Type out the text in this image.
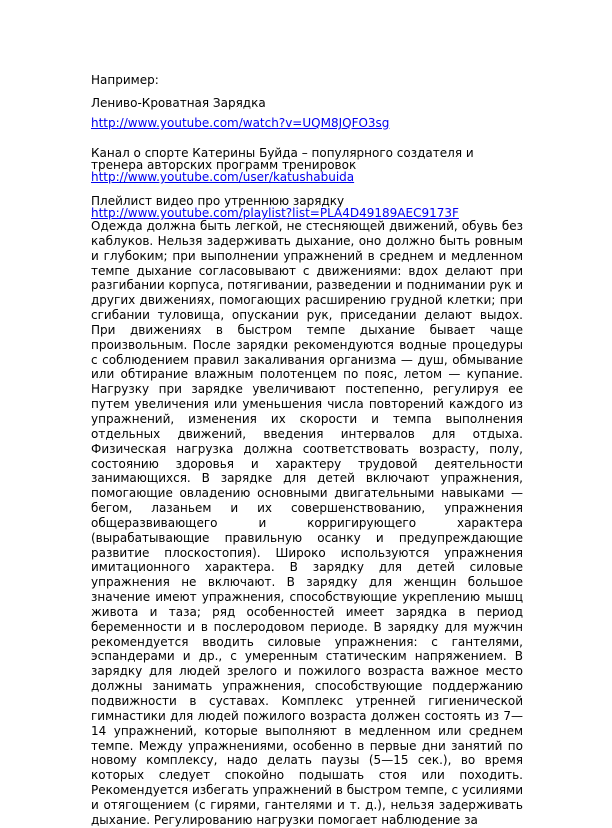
Например:
Лениво-Кроватная Зарядка
http://www.youtube.com/watch?v=UQM8JQFO3sg
Канал о спорте Катерины Буйда – популярного создателя и
тренера авторских программ тренировок
http://www.youtube.com/user/katushabuida
Плейлист видео про утреннюю зарядку
http://www.youtube.com/playlist?list=PLA4D49189AEC9173F
Одежда должна быть легкой, не стесняющей движений, обувь без каблуков. Нельзя задерживать дыхание, оно должно быть ровным и глубоким; при выполнении упражнений в среднем и медленном темпе дыхание согласовывают с движениями: вдох делают при разгибании корпуса, потягивании, разведении и поднимании рук и других движениях, помогающих расширению грудной клетки; при сгибании туловища, опускании рук, приседании делают выдох. При движениях в быстром темпе дыхание бывает чаще произвольным. После зарядки рекомендуются водные процедуры с соблюдением правил закаливания организма — душ, обмывание или обтирание влажным полотенцем по пояс, летом — купание. Нагрузку при зарядке увеличивают постепенно, регулируя ее путем увеличения или уменьшения числа повторений каждого из упражнений, изменения их скорости и темпа выполнения отдельных движений, введения интервалов для отдыха. Физическая нагрузка должна соответствовать возрасту, полу, состоянию здоровья и характеру трудовой деятельности занимающихся. В зарядке для детей включают упражнения, помогающие овладению основными двигательными навыками — бегом, лазаньем и их совершенствованию, упражнения общеразвивающего и корригирующего характера (вырабатывающие правильную осанку и предупреждающие развитие плоскостопия). Широко используются упражнения имитационного характера. В зарядку для детей силовые упражнения не включают. В зарядку для женщин большое значение имеют упражнения, способствующие укреплению мышц живота и таза; ряд особенностей имеет зарядка в период беременности и в послеродовом периоде. В зарядку для мужчин рекомендуется вводить силовые упражнения: с гантелями, эспандерами и др., с умеренным статическим напряжением. В зарядку для людей зрелого и пожилого возраста важное место должны занимать упражнения, способствующие поддержанию подвижности в суставах. Комплекс утренней гигиенической гимнастики для людей пожилого возраста должен состоять из 7—14 упражнений, которые выполняют в медленном или среднем темпе. Между упражнениями, особенно в первые дни занятий по новому комплексу, надо делать паузы (5—15 сек.), во время которых следует спокойно подышать стоя или походить. Рекомендуется избегать упражнений в быстром темпе, с усилиями и отягощением (с гирями, гантелями и т. д.), нельзя задерживать дыхание. Регулированию нагрузки помогает наблюдение за
